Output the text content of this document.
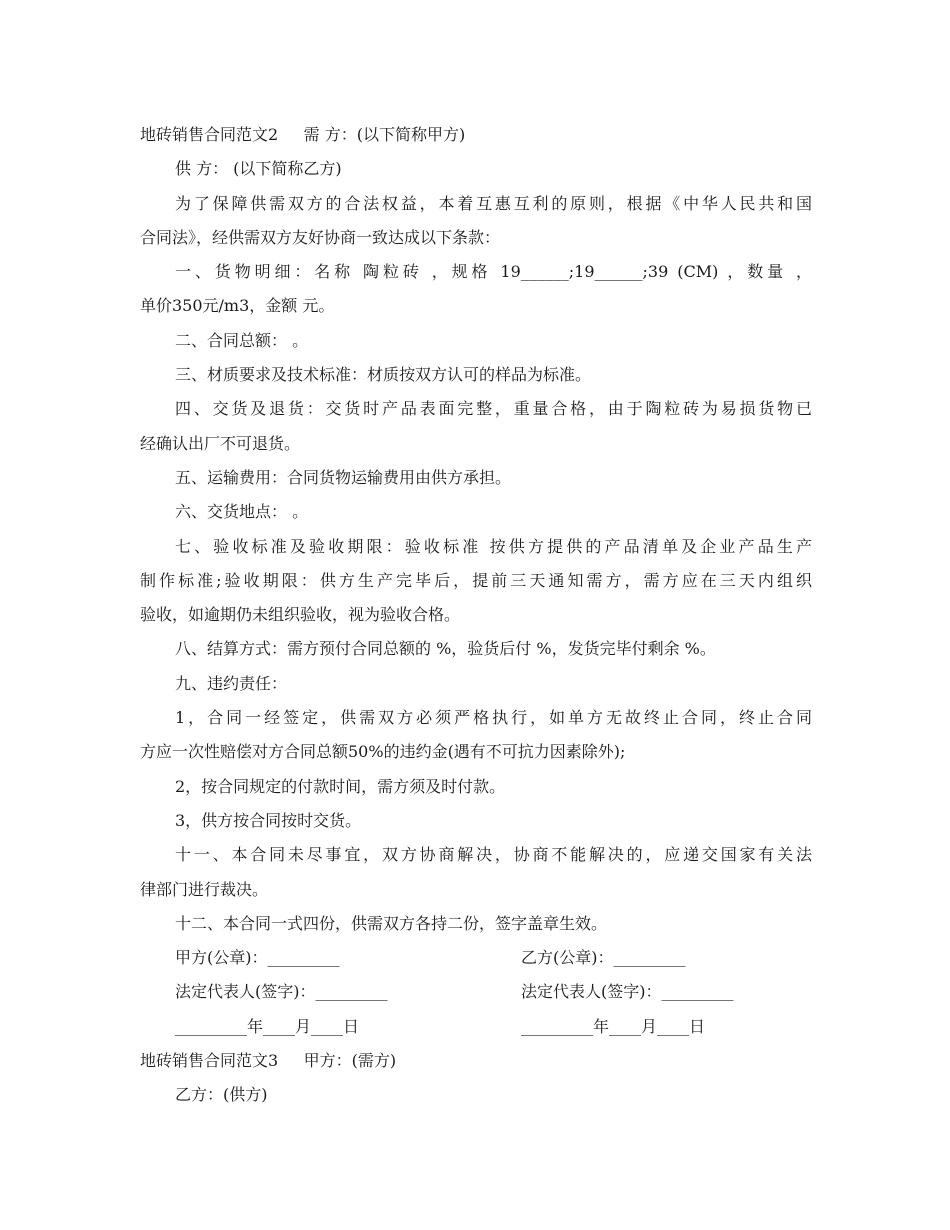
地砖销售合同范文2     需 方：(以下简称甲方)
供 方： (以下简称乙方)
为了保障供需双方的合法权益，本着互惠互利的原则，根据《中华人民共和国
合同法》，经供需双方友好协商一致达成以下条款：
一、货物明细：名称 陶粒砖 ，规格 19______;19______;39 (CM) ，数量 ，
单价350元/m3，金额 元。
二、合同总额： 。
三、材质要求及技术标准：材质按双方认可的样品为标准。
四、交货及退货：交货时产品表面完整，重量合格，由于陶粒砖为易损货物已
经确认出厂不可退货。
五、运输费用：合同货物运输费用由供方承担。
六、交货地点： 。
七、验收标准及验收期限：验收标准 按供方提供的产品清单及企业产品生产
制作标准;验收期限：供方生产完毕后，提前三天通知需方，需方应在三天内组织
验收，如逾期仍未组织验收，视为验收合格。
八、结算方式：需方预付合同总额的 %，验货后付 %，发货完毕付剩余 %。
九、违约责任：
1，合同一经签定，供需双方必须严格执行，如单方无故终止合同，终止合同
方应一次性赔偿对方合同总额50%的违约金(遇有不可抗力因素除外);
2，按合同规定的付款时间，需方须及时付款。
3，供方按合同按时交货。
十一、本合同未尽事宜，双方协商解决，协商不能解决的，应递交国家有关法
律部门进行裁决。
十二、本合同一式四份，供需双方各持二份，签字盖章生效。
甲方(公章)：_________	乙方(公章)：_________
法定代表人(签字)：_________	法定代表人(签字)：_________
_________年____月____日	_________年____月____日
地砖销售合同范文3     甲方：(需方)
乙方：(供方)
